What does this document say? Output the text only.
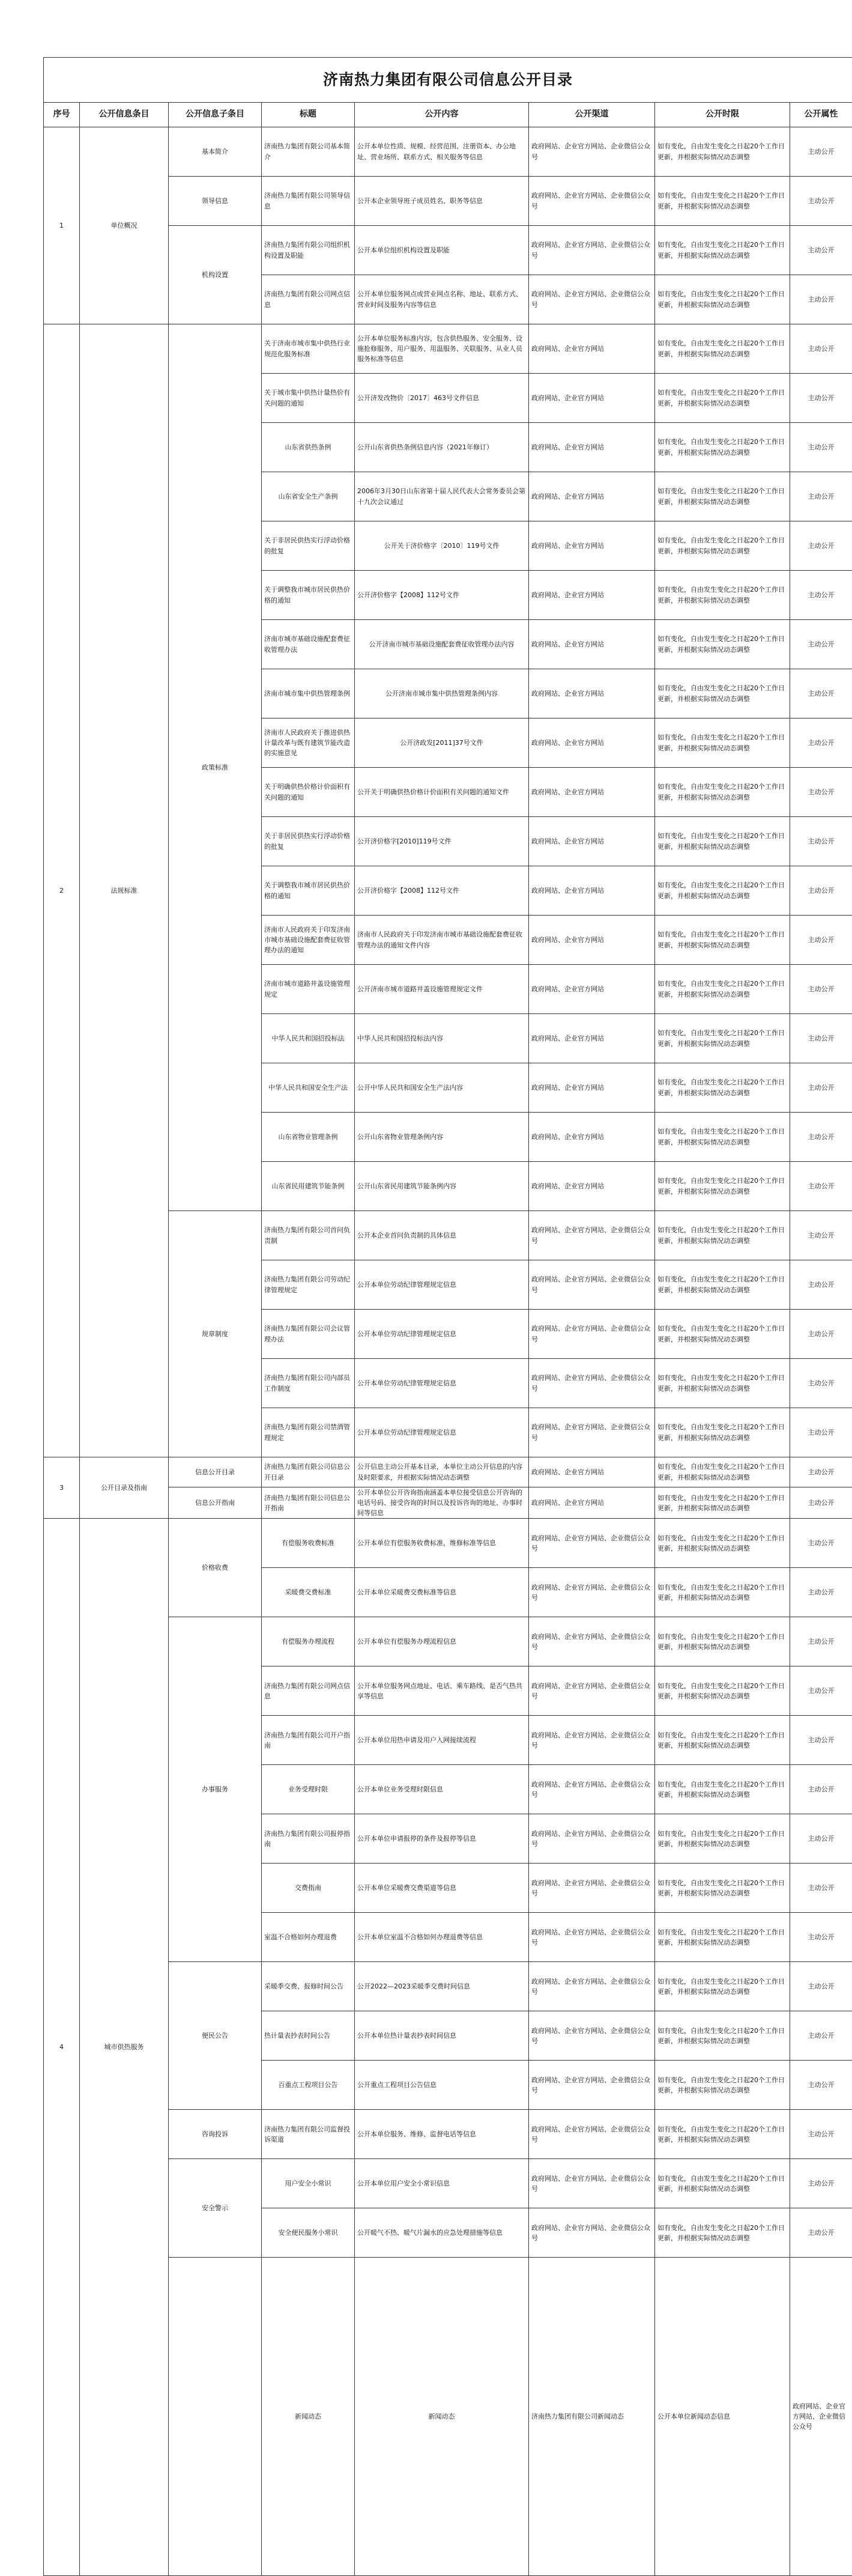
济南热力集团有限公司信息公开目录								
序号	公开信息条目	公开信息子条目	标题	公开内容	公开渠道	公开时限	公开属性	
1	单位概况	基本简介	济南热力集团有限公司基本简介	公开本单位性质、规模、经营范围、注册资本、办公地址、营业场所、联系方式、相关服务等信息	政府网站、企业官方网站、企业微信公众号	如有变化，自由发生变化之日起20个工作日更新，并根据实际情况动态调整	主动公开	
		领导信息	济南热力集团有限公司领导信息	公开本企业领导班子成员姓名、职务等信息	政府网站、企业官方网站、企业微信公众号	如有变化，自由发生变化之日起20个工作日更新，并根据实际情况动态调整	主动公开	
		机构设置	济南热力集团有限公司组织机构设置及职能	公开本单位组织机构设置及职能	政府网站、企业官方网站、企业微信公众号	如有变化，自由发生变化之日起20个工作日更新，并根据实际情况动态调整	主动公开	
			济南热力集团有限公司网点信息	公开本单位服务网点或营业网点名称、地址、联系方式、营业时间及服务内容等信息	政府网站、企业官方网站、企业微信公众号	如有变化，自由发生变化之日起20个工作日更新，并根据实际情况动态调整	主动公开	
2	法规标准	政策标准	关于济南市城市集中供热行业规范化服务标准	公开本单位服务标准内容，包含供热服务、安全服务、设施抢修服务、用户服务、用温服务、关联服务、从业人员服务标准等信息	政府网站、企业官方网站	如有变化，自由发生变化之日起20个工作日更新，并根据实际情况动态调整	主动公开	
			关于城市集中供热计量热价有关问题的通知	公开济发改物价〔2017〕463号文件信息	政府网站、企业官方网站	如有变化，自由发生变化之日起20个工作日更新，并根据实际情况动态调整	主动公开	
			山东省供热条例	公开山东省供热条例信息内容（2021年修订）	政府网站、企业官方网站	如有变化，自由发生变化之日起20个工作日更新，并根据实际情况动态调整	主动公开	
			山东省安全生产条例	2006年3月30日山东省第十届人民代表大会常务委员会第十九次会议通过	政府网站、企业官方网站	如有变化，自由发生变化之日起20个工作日更新，并根据实际情况动态调整	主动公开	
			关于非居民供热实行浮动价格的批复	公开关于济价格字〔2010〕119号文件	政府网站、企业官方网站	如有变化，自由发生变化之日起20个工作日更新，并根据实际情况动态调整	主动公开	
			关于调整我市城市居民供热价格的通知	公开济价格字【2008】112号文件	政府网站、企业官方网站	如有变化，自由发生变化之日起20个工作日更新，并根据实际情况动态调整	主动公开	
			济南市城市基础设施配套费征收管理办法	公开济南市城市基础设施配套费征收管理办法内容	政府网站、企业官方网站	如有变化，自由发生变化之日起20个工作日更新，并根据实际情况动态调整	主动公开	
			济南市城市集中供热管理条例	公开济南市城市集中供热管理条例内容	政府网站、企业官方网站	如有变化，自由发生变化之日起20个工作日更新，并根据实际情况动态调整	主动公开	
			济南市人民政府关于推进供热计量改革与既有建筑节能改造的实施意见	公开济政发[2011]37号文件	政府网站、企业官方网站	如有变化，自由发生变化之日起20个工作日更新，并根据实际情况动态调整	主动公开	
			关于明确供热价格计价面积有关问题的通知	公开关于明确供热价格计价面积有关问题的通知文件	政府网站、企业官方网站	如有变化，自由发生变化之日起20个工作日更新，并根据实际情况动态调整	主动公开	
			关于非居民供热实行浮动价格的批复	公开济价格字[2010]119号文件	政府网站、企业官方网站	如有变化，自由发生变化之日起20个工作日更新，并根据实际情况动态调整	主动公开	
			关于调整我市城市居民供热价格的通知	公开济价格字【2008】112号文件	政府网站、企业官方网站	如有变化，自由发生变化之日起20个工作日更新，并根据实际情况动态调整	主动公开	
			济南市人民政府关于印发济南市城市基础设施配套费征收管理办法的通知	济南市人民政府关于印发济南市城市基础设施配套费征收管理办法的通知文件内容	政府网站、企业官方网站	如有变化，自由发生变化之日起20个工作日更新，并根据实际情况动态调整	主动公开	
			济南市城市道路井盖设施管理规定	公开济南市城市道路井盖设施管理规定文件	政府网站、企业官方网站	如有变化，自由发生变化之日起20个工作日更新，并根据实际情况动态调整	主动公开	
			中华人民共和国招投标法	中华人民共和国招投标法内容	政府网站、企业官方网站	如有变化，自由发生变化之日起20个工作日更新，并根据实际情况动态调整	主动公开	
			中华人民共和国安全生产法	公开中华人民共和国安全生产法内容	政府网站、企业官方网站	如有变化，自由发生变化之日起20个工作日更新，并根据实际情况动态调整	主动公开	
			山东省物业管理条例	公开山东省物业管理条例内容	政府网站、企业官方网站	如有变化，自由发生变化之日起20个工作日更新，并根据实际情况动态调整	主动公开	
			山东省民用建筑节能条例	公开山东省民用建筑节能条例内容	政府网站、企业官方网站	如有变化，自由发生变化之日起20个工作日更新，并根据实际情况动态调整	主动公开	
		规章制度	济南热力集团有限公司首问负责制	公开本企业首问负责制的具体信息	政府网站、企业官方网站、企业微信公众号	如有变化，自由发生变化之日起20个工作日更新，并根据实际情况动态调整	主动公开	
			济南热力集团有限公司劳动纪律管理规定	公开本单位劳动纪律管理规定信息	政府网站、企业官方网站、企业微信公众号	如有变化，自由发生变化之日起20个工作日更新，并根据实际情况动态调整	主动公开	
			济南热力集团有限公司会议管理办法	公开本单位劳动纪律管理规定信息	政府网站、企业官方网站、企业微信公众号	如有变化，自由发生变化之日起20个工作日更新，并根据实际情况动态调整	主动公开	
			济南热力集团有限公司内部员工作制度	公开本单位劳动纪律管理规定信息	政府网站、企业官方网站、企业微信公众号	如有变化，自由发生变化之日起20个工作日更新，并根据实际情况动态调整	主动公开	
			济南热力集团有限公司禁酒管理规定	公开本单位劳动纪律管理规定信息	政府网站、企业官方网站、企业微信公众号	如有变化，自由发生变化之日起20个工作日更新，并根据实际情况动态调整	主动公开	
3	公开目录及指南	信息公开目录	济南热力集团有限公司信息公开目录	公开信息主动公开基本目录，本单位主动公开信息的内容及时限要求，并根据实际情况动态调整	政府网站、企业官方网站	如有变化，自由发生变化之日起20个工作日更新，并根据实际情况动态调整	主动公开	
		信息公开指南	济南热力集团有限公司信息公开指南	公开本单位公开咨询指南涵盖本单位接受信息公开咨询的电话号码、接受咨询的时间以及投诉咨询的地址、办事时间等信息	政府网站、企业官方网站	如有变化，自由发生变化之日起20个工作日更新，并根据实际情况动态调整	主动公开	
4	城市供热服务	价格收费	有偿服务收费标准	公开本单位有偿服务收费标准，维修标准等信息	政府网站、企业官方网站、企业微信公众号	如有变化，自由发生变化之日起20个工作日更新，并根据实际情况动态调整	主动公开	
			采暖费交费标准	公开本单位采暖费交费标准等信息	政府网站、企业官方网站、企业微信公众号	如有变化，自由发生变化之日起20个工作日更新，并根据实际情况动态调整	主动公开	
		办事服务	有偿服务办理流程	公开本单位有偿服务办理流程信息	政府网站、企业官方网站、企业微信公众号	如有变化，自由发生变化之日起20个工作日更新，并根据实际情况动态调整	主动公开	
			济南热力集团有限公司网点信息	公开本单位服务网点地址、电话、乘车路线、是否气热共享等信息	政府网站、企业官方网站、企业微信公众号	如有变化，自由发生变化之日起20个工作日更新，并根据实际情况动态调整	主动公开	
			济南热力集团有限公司开户指南	公开本单位用热申请及用户入网接续流程	政府网站、企业官方网站、企业微信公众号	如有变化，自由发生变化之日起20个工作日更新，并根据实际情况动态调整	主动公开	
			业务受理时限	公开本单位业务受理时限信息	政府网站、企业官方网站、企业微信公众号	如有变化，自由发生变化之日起20个工作日更新，并根据实际情况动态调整	主动公开	
			济南热力集团有限公司报停指南	公开本单位申请报停的条件及报停等信息	政府网站、企业官方网站、企业微信公众号	如有变化，自由发生变化之日起20个工作日更新，并根据实际情况动态调整	主动公开	
			交费指南	公开本单位采暖费交费渠道等信息	政府网站、企业官方网站、企业微信公众号	如有变化，自由发生变化之日起20个工作日更新，并根据实际情况动态调整	主动公开	
			室温不合格如何办理退费	公开本单位室温不合格如何办理退费等信息	政府网站、企业官方网站、企业微信公众号	如有变化，自由发生变化之日起20个工作日更新，并根据实际情况动态调整	主动公开	
		便民公告	采暖季交费、报修时间公告	公开2022—2023采暖季交费时间信息	政府网站、企业官方网站、企业微信公众号	如有变化，自由发生变化之日起20个工作日更新，并根据实际情况动态调整	主动公开	
			热计量表抄表时间公告	公开本单位热计量表抄表时间信息	政府网站、企业官方网站、企业微信公众号	如有变化，自由发生变化之日起20个工作日更新，并根据实际情况动态调整	主动公开	
			百重点工程项目公告	公开重点工程项目公告信息	政府网站、企业官方网站、企业微信公众号	如有变化，自由发生变化之日起20个工作日更新，并根据实际情况动态调整	主动公开	
		咨询投诉	济南热力集团有限公司监督投诉渠道	公开本单位服务、维修、监督电话等信息	政府网站、企业官方网站、企业微信公众号	如有变化，自由发生变化之日起20个工作日更新，并根据实际情况动态调整	主动公开	
		安全警示	用户安全小常识	公开本单位用户安全小常识信息	政府网站、企业官方网站、企业微信公众号	如有变化，自由发生变化之日起20个工作日更新，并根据实际情况动态调整	主动公开	
			安全便民服务小常识	公开暖气不热、暖气片漏水的应急处理措施等信息	政府网站、企业官方网站、企业微信公众号	如有变化，自由发生变化之日起20个工作日更新，并根据实际情况动态调整	主动公开	
			新闻动态	新闻动态	济南热力集团有限公司新闻动态	公开本单位新闻动态信息	政府网站、企业官方网站、企业微信公众号		
